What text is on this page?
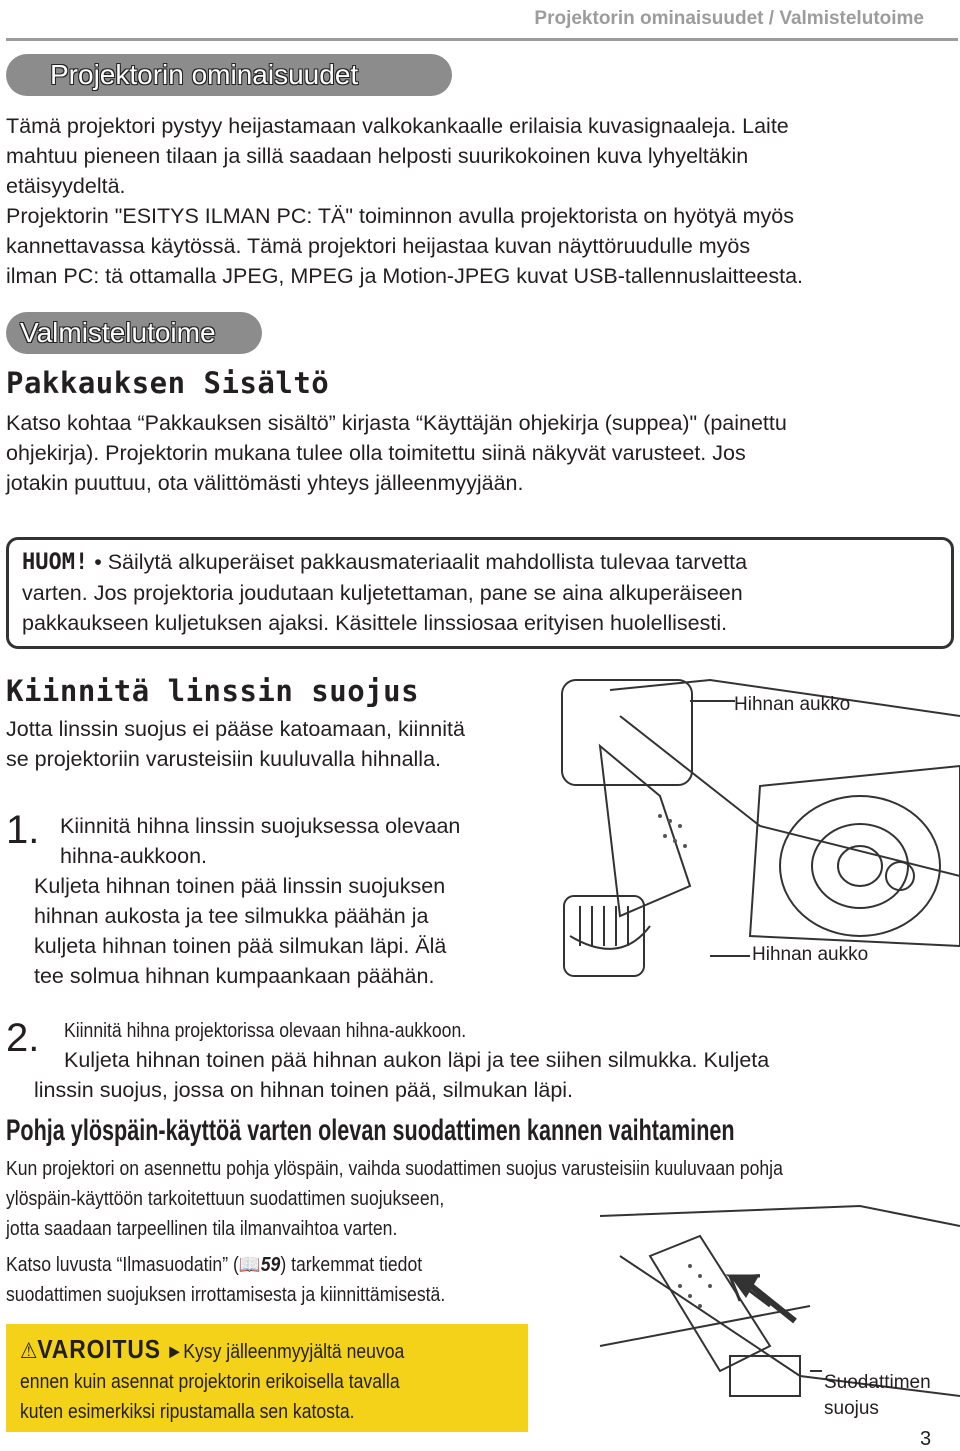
Projektorin ominaisuudet / Valmistelutoime
Projektorin ominaisuudet
Tämä projektori pystyy heijastamaan valkokankaalle erilaisia kuvasignaaleja. Laite
mahtuu pieneen tilaan ja sillä saadaan helposti suurikokoinen kuva lyhyeltäkin
etäisyydeltä.
Projektorin "ESITYS ILMAN PC: TÄ" toiminnon avulla projektorista on hyötyä myös
kannettavassa käytössä. Tämä projektori heijastaa kuvan näyttöruudulle myös
ilman PC: tä ottamalla JPEG, MPEG ja Motion-JPEG kuvat USB-tallennuslaitteesta.
Valmistelutoime
Pakkauksen Sisältö
Katso kohtaa “Pakkauksen sisältö” kirjasta “Käyttäjän ohjekirja (suppea)" (painettu
ohjekirja). Projektorin mukana tulee olla toimitettu siinä näkyvät varusteet. Jos
jotakin puuttuu, ota välittömästi yhteys jälleenmyyjään.
HUOM! • Säilytä alkuperäiset pakkausmateriaalit mahdollista tulevaa tarvetta
varten. Jos projektoria joudutaan kuljetettaman, pane se aina alkuperäiseen
pakkaukseen kuljetuksen ajaksi. Käsittele linssiosaa erityisen huolellisesti.
Kiinnitä linssin suojus
Jotta linssin suojus ei pääse katoamaan, kiinnitä
se projektoriin varusteisiin kuuluvalla hihnalla.
1. Kiinnitä hihna linssin suojuksessa olevaan
hihna-aukkoon.
Kuljeta hihnan toinen pää linssin suojuksen
hihnan aukosta ja tee silmukka päähän ja
kuljeta hihnan toinen pää silmukan läpi. Älä
tee solmua hihnan kumpaankaan päähän.
Hihnan aukko
Hihnan aukko
2. Kiinnitä hihna projektorissa olevaan hihna-aukkoon.
Kuljeta hihnan toinen pää hihnan aukon läpi ja tee siihen silmukka. Kuljeta
linssin suojus, jossa on hihnan toinen pää, silmukan läpi.
Pohja ylöspäin-käyttöä varten olevan suodattimen kannen vaihtaminen
Kun projektori on asennettu pohja ylöspäin, vaihda suodattimen suojus varusteisiin kuuluvaan pohja
ylöspäin-käyttöön tarkoitettuun suodattimen suojukseen,
jotta saadaan tarpeellinen tila ilmanvaihtoa varten.
Katso luvusta “Ilmasuodatin” (📖59) tarkemmat tiedot
suodattimen suojuksen irrottamisesta ja kiinnittämisestä.
Suodattimen
suojus
⚠VAROITUS ►Kysy jälleenmyyjältä neuvoa
ennen kuin asennat projektorin erikoisella tavalla
kuten esimerkiksi ripustamalla sen katosta.
3
